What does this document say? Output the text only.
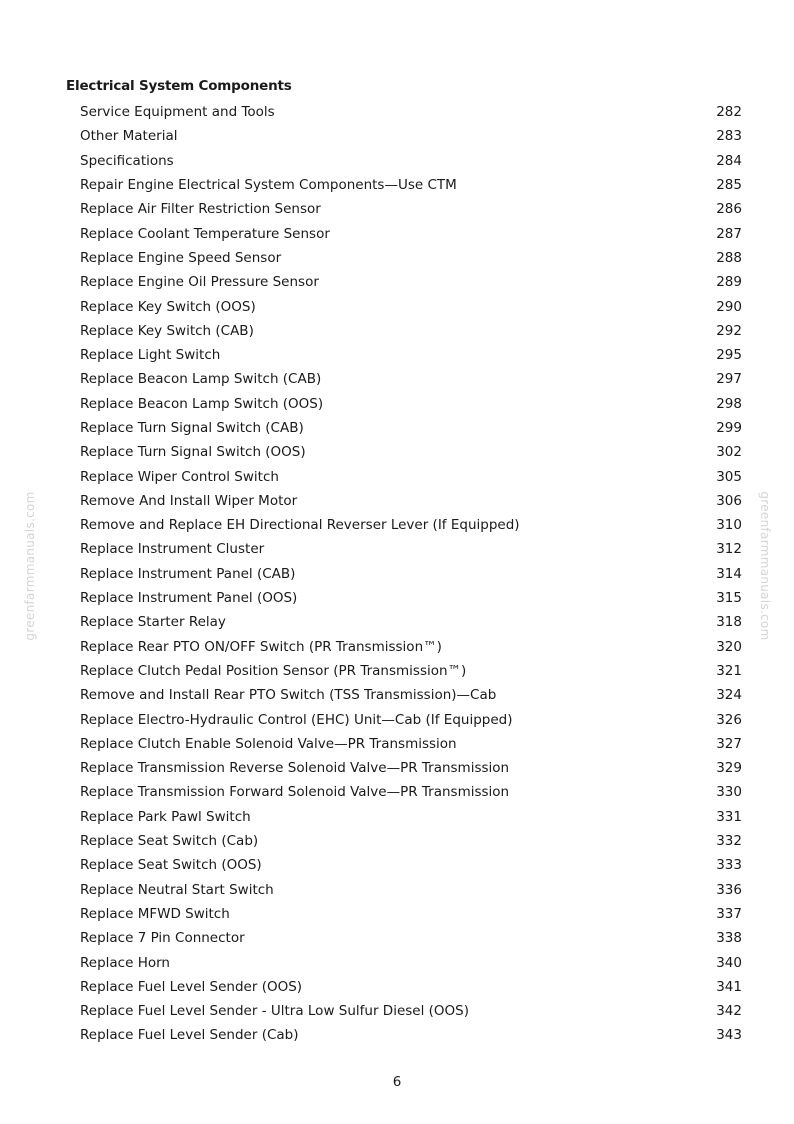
greenfarmmanuals.com	greenfarmmanuals.com
Electrical System Components
Service Equipment and Tools	282
Other Material	283
Specifications	284
Repair Engine Electrical System Components—Use CTM	285
Replace Air Filter Restriction Sensor	286
Replace Coolant Temperature Sensor	287
Replace Engine Speed Sensor	288
Replace Engine Oil Pressure Sensor	289
Replace Key Switch (OOS)	290
Replace Key Switch (CAB)	292
Replace Light Switch	295
Replace Beacon Lamp Switch (CAB)	297
Replace Beacon Lamp Switch (OOS)	298
Replace Turn Signal Switch (CAB)	299
Replace Turn Signal Switch (OOS)	302
Replace Wiper Control Switch	305
Remove And Install Wiper Motor	306
Remove and Replace EH Directional Reverser Lever (If Equipped)	310
Replace Instrument Cluster	312
Replace Instrument Panel (CAB)	314
Replace Instrument Panel (OOS)	315
Replace Starter Relay	318
Replace Rear PTO ON/OFF Switch (PR Transmission™)	320
Replace Clutch Pedal Position Sensor (PR Transmission™)	321
Remove and Install Rear PTO Switch (TSS Transmission)—Cab	324
Replace Electro-Hydraulic Control (EHC) Unit—Cab (If Equipped)	326
Replace Clutch Enable Solenoid Valve—PR Transmission	327
Replace Transmission Reverse Solenoid Valve—PR Transmission	329
Replace Transmission Forward Solenoid Valve—PR Transmission	330
Replace Park Pawl Switch	331
Replace Seat Switch (Cab)	332
Replace Seat Switch (OOS)	333
Replace Neutral Start Switch	336
Replace MFWD Switch	337
Replace 7 Pin Connector	338
Replace Horn	340
Replace Fuel Level Sender (OOS)	341
Replace Fuel Level Sender - Ultra Low Sulfur Diesel (OOS)	342
Replace Fuel Level Sender (Cab)	343
6
